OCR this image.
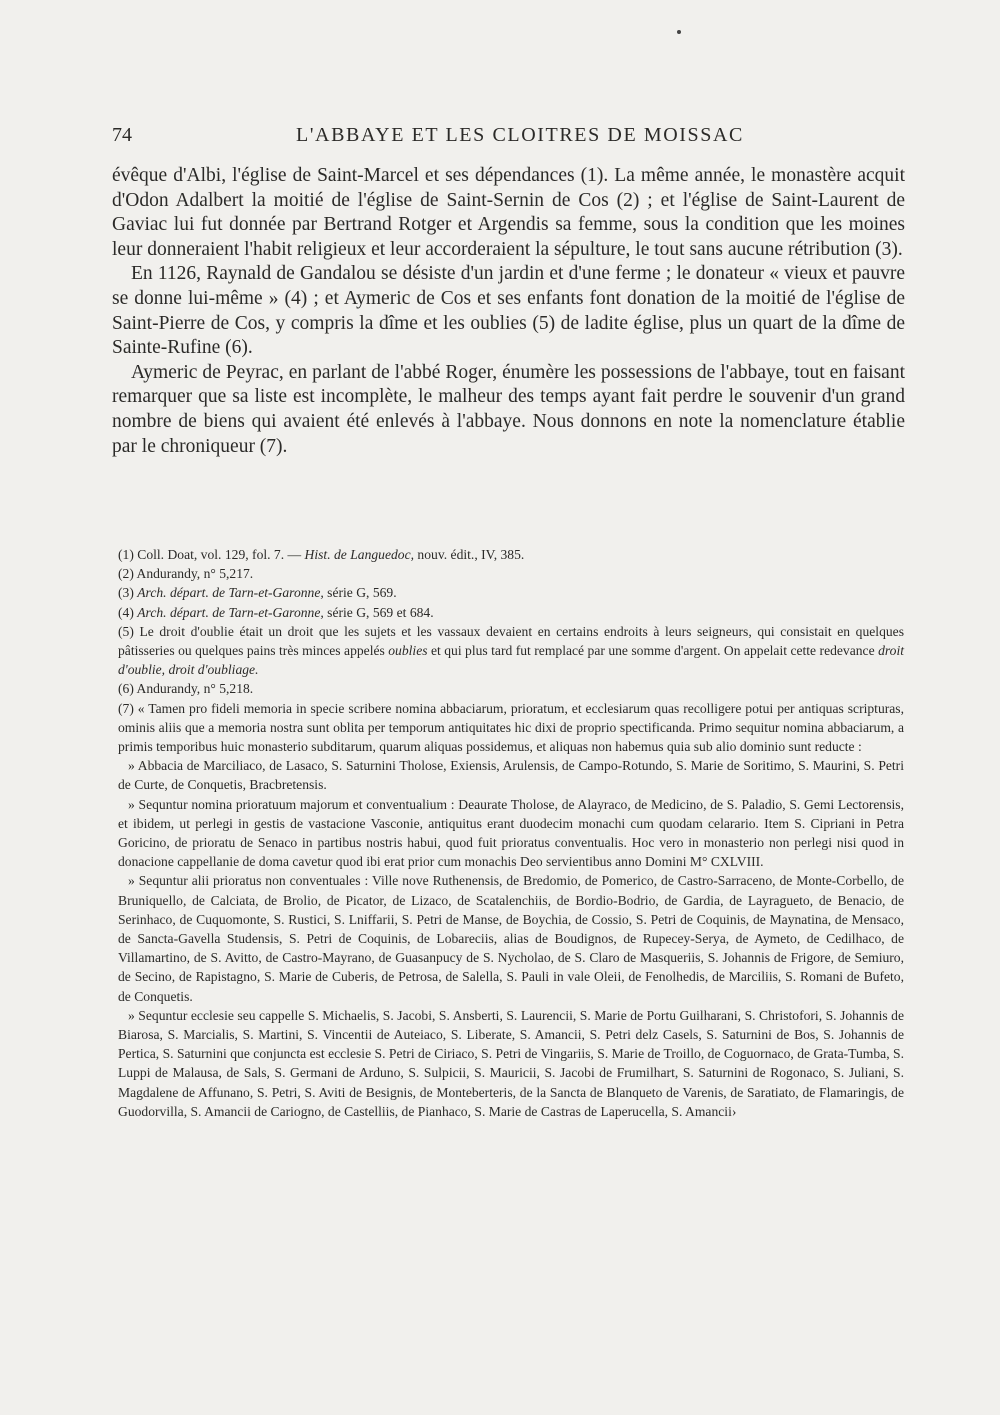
74	L'ABBAYE ET LES CLOITRES DE MOISSAC

évêque d'Albi, l'église de Saint-Marcel et ses dépendances (1). La même année, le monastère acquit d'Odon Adalbert la moitié de l'église de Saint-Sernin de Cos (2) ; et l'église de Saint-Laurent de Gaviac lui fut donnée par Bertrand Rotger et Argendis sa femme, sous la condition que les moines leur donneraient l'habit religieux et leur accorderaient la sépulture, le tout sans aucune rétribution (3).

En 1126, Raynald de Gandalou se désiste d'un jardin et d'une ferme ; le donateur « vieux et pauvre se donne lui-même » (4) ; et Aymeric de Cos et ses enfants font donation de la moitié de l'église de Saint-Pierre de Cos, y compris la dîme et les oublies (5) de ladite église, plus un quart de la dîme de Sainte-Rufine (6).

Aymeric de Peyrac, en parlant de l'abbé Roger, énumère les possessions de l'abbaye, tout en faisant remarquer que sa liste est incomplète, le malheur des temps ayant fait perdre le souvenir d'un grand nombre de biens qui avaient été enlevés à l'abbaye. Nous donnons en note la nomenclature établie par le chroniqueur (7).

(1) Coll. Doat, vol. 129, fol. 7. — Hist. de Languedoc, nouv. édit., IV, 385.

(2) Andurandy, n° 5,217.

(3) Arch. départ. de Tarn-et-Garonne, série G, 569.

(4) Arch. départ. de Tarn-et-Garonne, série G, 569 et 684.

(5) Le droit d'oublie était un droit que les sujets et les vassaux devaient en certains endroits à leurs seigneurs, qui consistait en quelques pâtisseries ou quelques pains très minces appelés oublies et qui plus tard fut remplacé par une somme d'argent. On appelait cette redevance droit d'oublie, droit d'oubliage.

(6) Andurandy, n° 5,218.

(7) « Tamen pro fideli memoria in specie scribere nomina abbaciarum, prioratum, et ecclesiarum quas recolligere potui per antiquas scripturas, ominis aliis que a memoria nostra sunt oblita per temporum antiquitates hic dixi de proprio spectificanda. Primo sequitur nomina abbaciarum, a primis temporibus huic monasterio subditarum, quarum aliquas possidemus, et aliquas non habemus quia sub alio dominio sunt reducte :

» Abbacia de Marciliaco, de Lasaco, S. Saturnini Tholose, Exiensis, Arulensis, de Campo-Rotundo, S. Marie de Soritimo, S. Maurini, S. Petri de Curte, de Conquetis, Bracbretensis.

» Sequntur nomina prioratuum majorum et conventualium : Deaurate Tholose, de Alayraco, de Medicino, de S. Paladio, S. Gemi Lectorensis, et ibidem, ut perlegi in gestis de vastacione Vasconie, antiquitus erant duodecim monachi cum quodam celarario. Item S. Cipriani in Petra Goricino, de prioratu de Senaco in partibus nostris habui, quod fuit prioratus conventualis. Hoc vero in monasterio non perlegi nisi quod in donacione cappellanie de doma cavetur quod ibi erat prior cum monachis Deo servientibus anno Domini M° CXLVIII.

» Sequntur alii prioratus non conventuales : Ville nove Ruthenensis, de Bredomio, de Pomerico, de Castro-Sarraceno, de Monte-Corbello, de Bruniquello, de Calciata, de Brolio, de Picator, de Lizaco, de Scatalenchiis, de Bordio-Bodrio, de Gardia, de Layragueto, de Benacio, de Serinhaco, de Cuquomonte, S. Rustici, S. Lniffarii, S. Petri de Manse, de Boychia, de Cossio, S. Petri de Coquinis, de Maynatina, de Mensaco, de Sancta-Gavella Studensis, S. Petri de Coquinis, de Lobareciis, alias de Boudignos, de Rupecey-Serya, de Aymeto, de Cedilhaco, de Villamartino, de S. Avitto, de Castro-Mayrano, de Guasanpucy de S. Nycholao, de S. Claro de Masqueriis, S. Johannis de Frigore, de Semiuro, de Secino, de Rapistagno, S. Marie de Cuberis, de Petrosa, de Salella, S. Pauli in vale Oleii, de Fenolhedis, de Marciliis, S. Romani de Bufeto, de Conquetis.

» Sequntur ecclesie seu cappelle S. Michaelis, S. Jacobi, S. Ansberti, S. Laurencii, S. Marie de Portu Guilharani, S. Christofori, S. Johannis de Biarosa, S. Marcialis, S. Martini, S. Vincentii de Auteiaco, S. Liberate, S. Amancii, S. Petri delz Casels, S. Saturnini de Bos, S. Johannis de Pertica, S. Saturnini que conjuncta est ecclesie S. Petri de Ciriaco, S. Petri de Vingariis, S. Marie de Troillo, de Coguornaco, de Grata-Tumba, S. Luppi de Malausa, de Sals, S. Germani de Arduno, S. Sulpicii, S. Mauricii, S. Jacobi de Frumilhart, S. Saturnini de Rogonaco, S. Juliani, S. Magdalene de Affunano, S. Petri, S. Aviti de Besignis, de Monteberteris, de la Sancta de Blanqueto de Varenis, de Saratiato, de Flamaringis, de Guodorvilla, S. Amancii de Cariogno, de Castelliis, de Pianhaco, S. Marie de Castras de Laperucella, S. Amancii›
